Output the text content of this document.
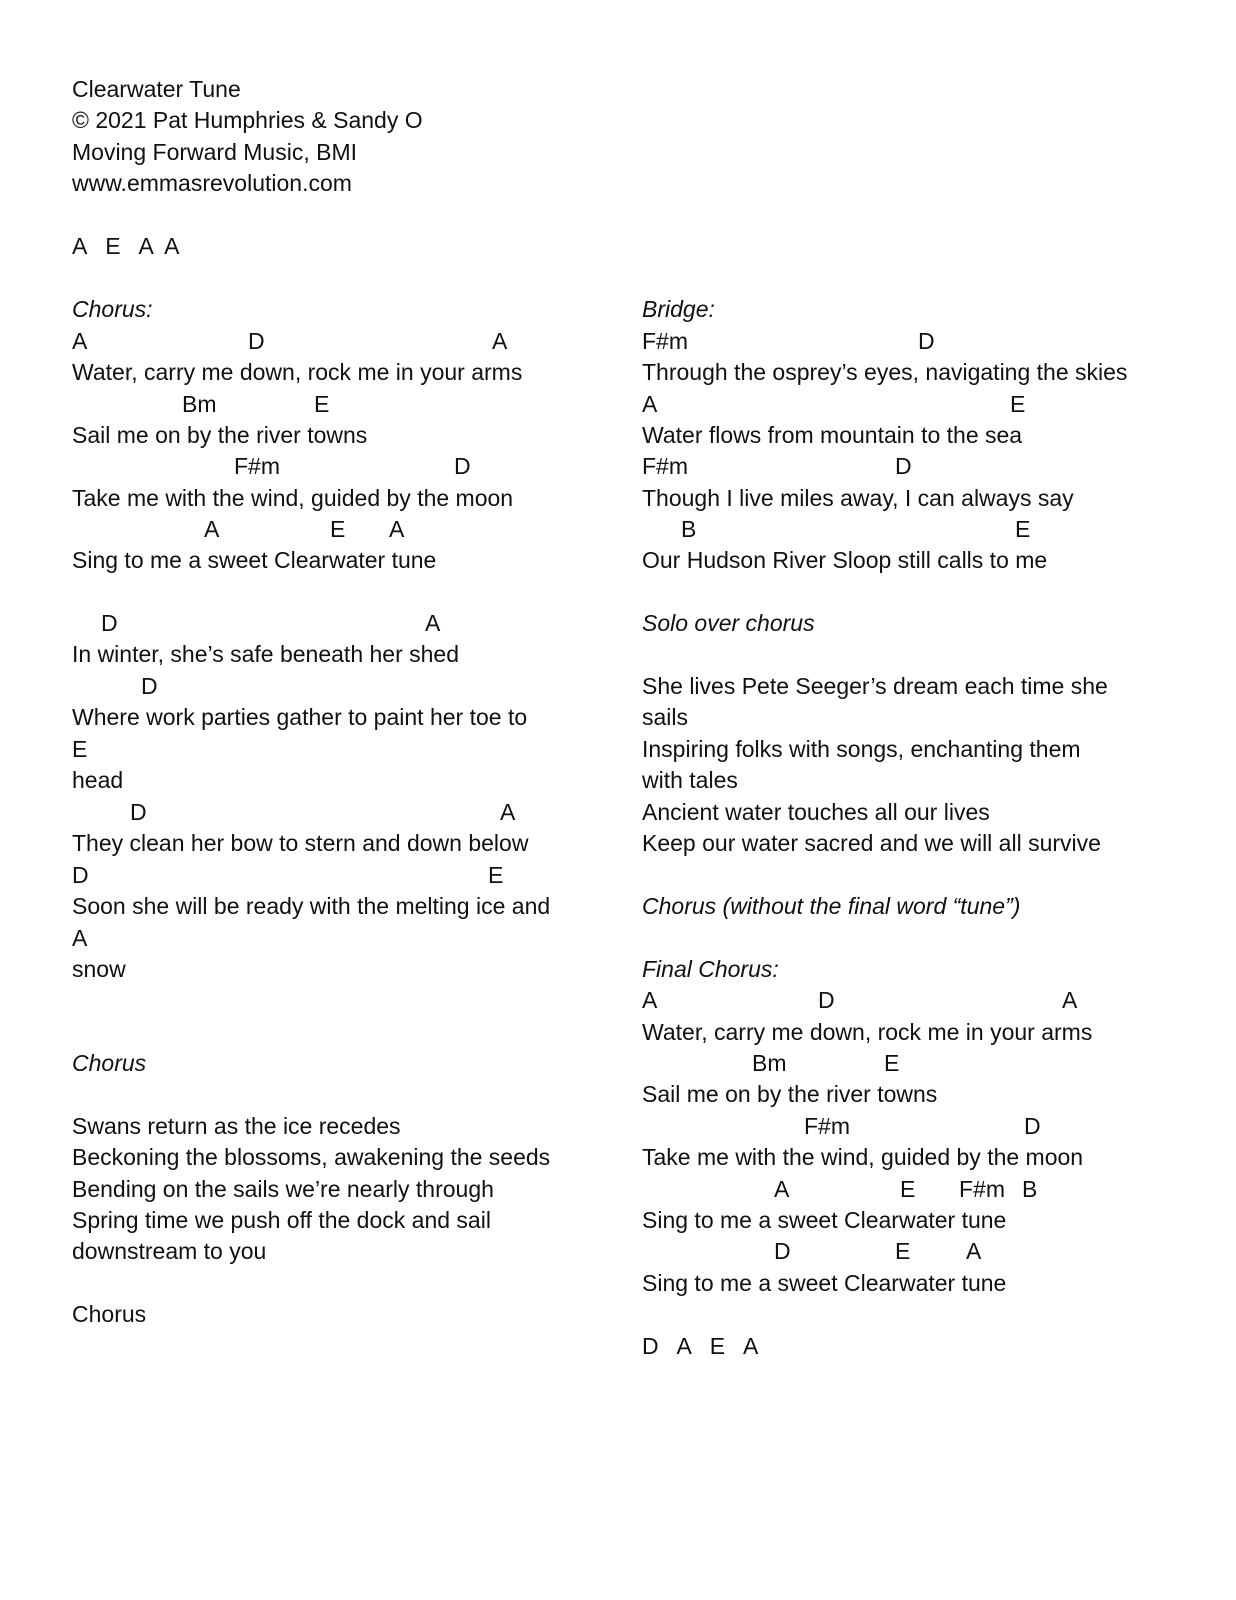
Clearwater Tune
© 2021 Pat Humphries & Sandy O
Moving Forward Music, BMI
www.emmasrevolution.com
A   E   A  A
Chorus:
A	D	A
Water, carry me down, rock me in your arms
Bm	E
Sail me on by the river towns
F#m	D
Take me with the wind, guided by the moon
A	E A
Sing to me a sweet Clearwater tune
D	A
In winter, she’s safe beneath her shed
D
Where work parties gather to paint her toe to
E
head
D	A
They clean her bow to stern and down below
D	E
Soon she will be ready with the melting ice and
A
snow
Chorus
Swans return as the ice recedes
Beckoning the blossoms, awakening the seeds
Bending on the sails we’re nearly through
Spring time we push off the dock and sail
downstream to you
Chorus
Bridge:
F#m	D
Through the osprey’s eyes, navigating the skies
A	E
Water flows from mountain to the sea
F#m	D
Though I live miles away, I can always say
B	E
Our Hudson River Sloop still calls to me
Solo over chorus
She lives Pete Seeger’s dream each time she
sails
Inspiring folks with songs, enchanting them
with tales
Ancient water touches all our lives
Keep our water sacred and we will all survive
Chorus (without the final word “tune”)
Final Chorus:
A	D	A
Water, carry me down, rock me in your arms
Bm	E
Sail me on by the river towns
F#m	D
Take me with the wind, guided by the moon
A	E F#m B
Sing to me a sweet Clearwater tune
D	E A
Sing to me a sweet Clearwater tune
D   A   E   A
